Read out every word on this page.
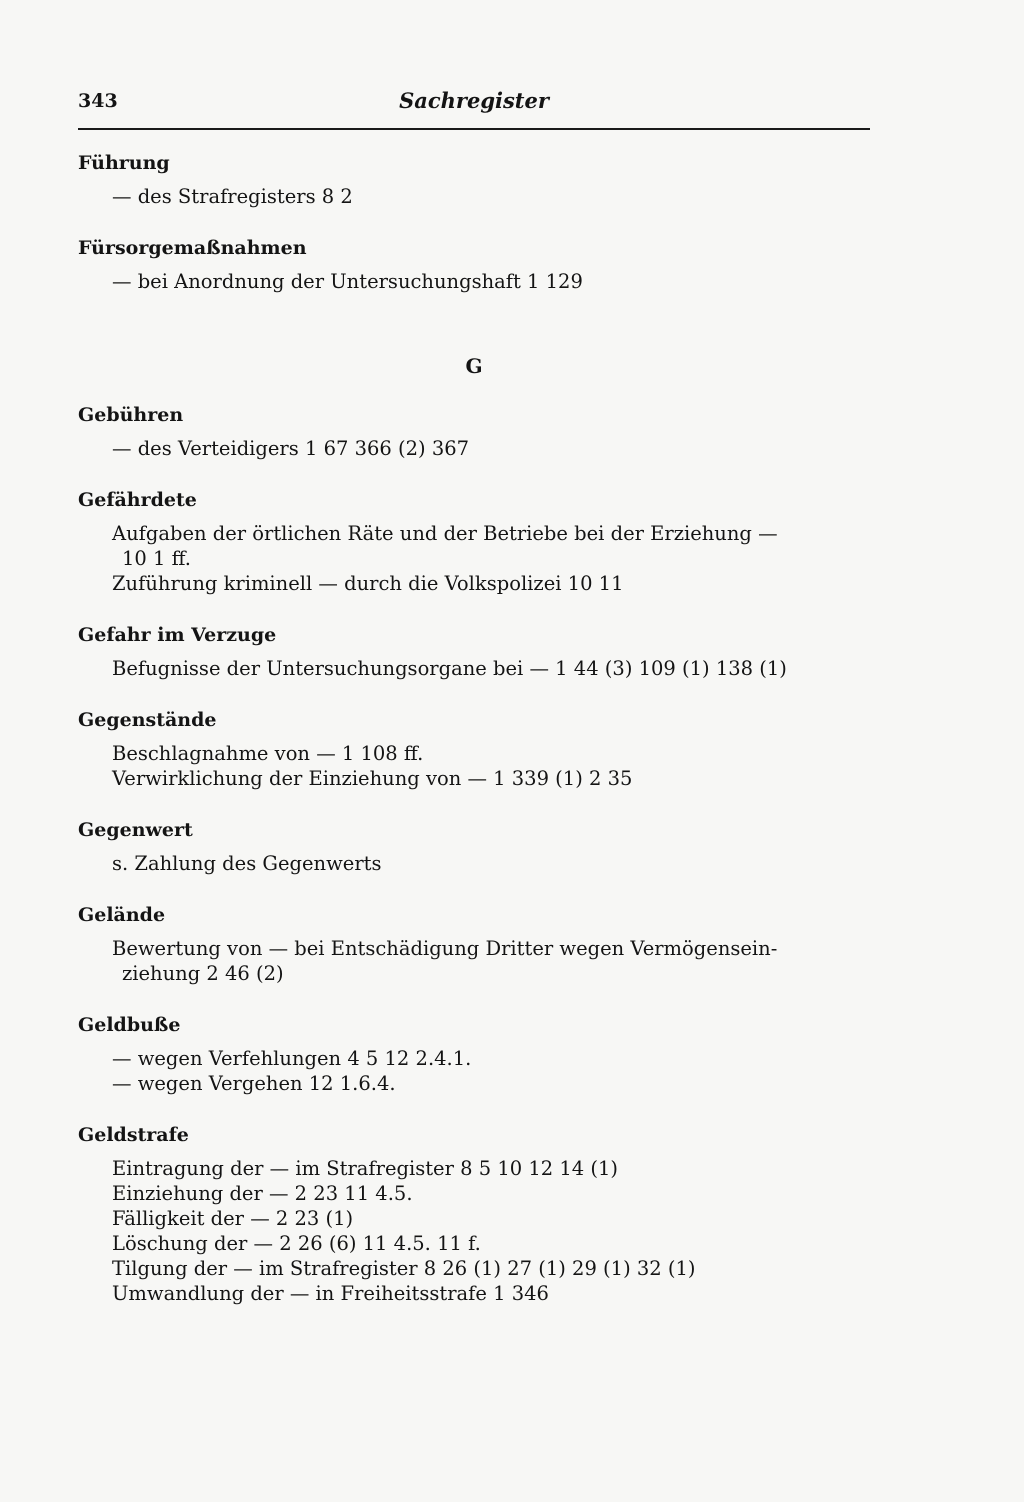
343	Sachregister
Führung
— des Strafregisters 8 2
Fürsorgemaßnahmen
— bei Anordnung der Untersuchungshaft 1 129
G
Gebühren
— des Verteidigers 1 67 366 (2) 367
Gefährdete
Aufgaben der örtlichen Räte und der Betriebe bei der Erziehung —
10 1 ff.
Zuführung kriminell — durch die Volkspolizei 10 11
Gefahr im Verzuge
Befugnisse der Untersuchungsorgane bei — 1 44 (3) 109 (1) 138 (1)
Gegenstände
Beschlagnahme von — 1 108 ff.
Verwirklichung der Einziehung von — 1 339 (1) 2 35
Gegenwert
s. Zahlung des Gegenwerts
Gelände
Bewertung von — bei Entschädigung Dritter wegen Vermögensein-
ziehung 2 46 (2)
Geldbuße
— wegen Verfehlungen 4 5 12 2.4.1.
— wegen Vergehen 12 1.6.4.
Geldstrafe
Eintragung der — im Strafregister 8 5 10 12 14 (1)
Einziehung der — 2 23 11 4.5.
Fälligkeit der — 2 23 (1)
Löschung der — 2 26 (6) 11 4.5. 11 f.
Tilgung der — im Strafregister 8 26 (1) 27 (1) 29 (1) 32 (1)
Umwandlung der — in Freiheitsstrafe 1 346
